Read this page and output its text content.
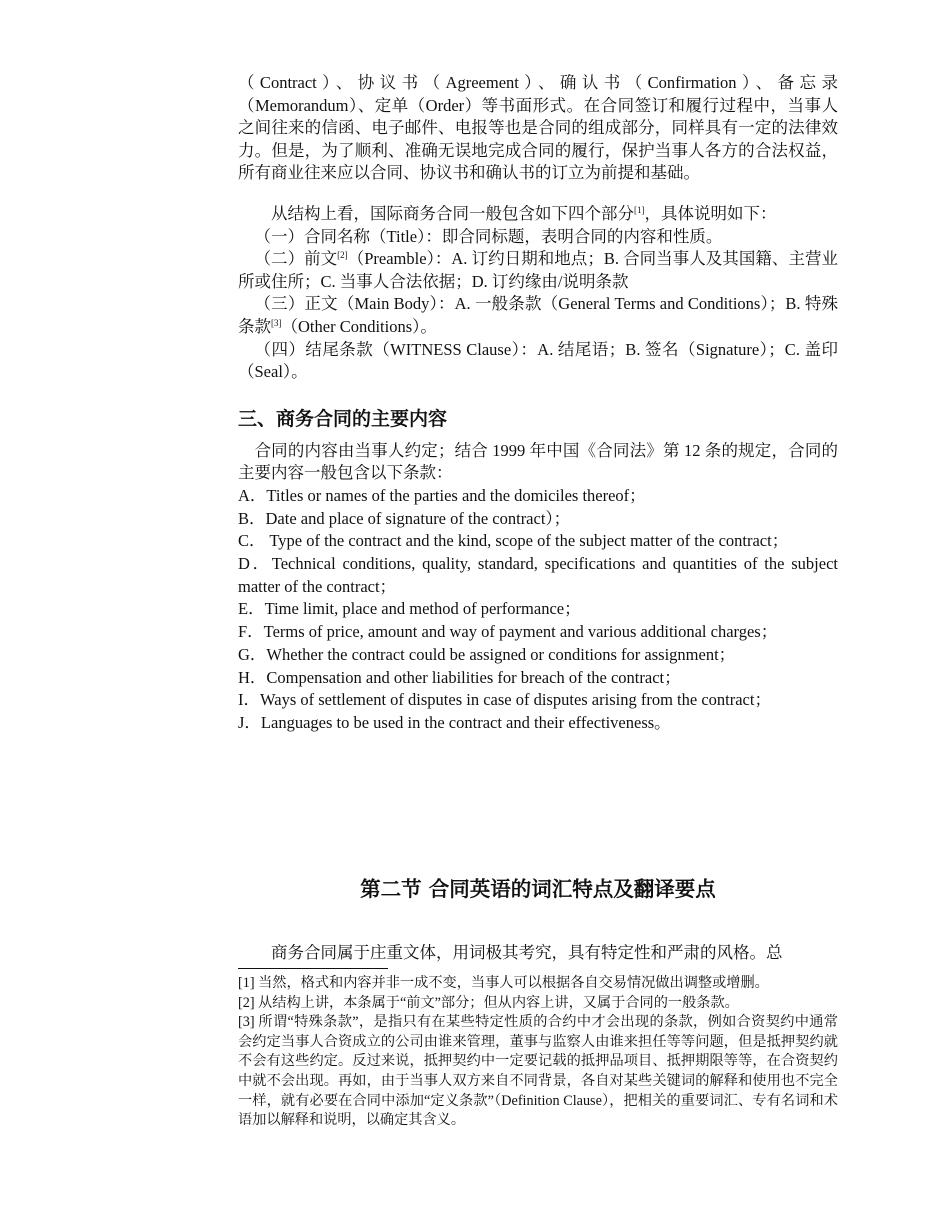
（Contract）、协议书（Agreement）、确认书（Confirmation）、备忘录（Memorandum）、定单（Order）等书面形式。在合同签订和履行过程中，当事人之间往来的信函、电子邮件、电报等也是合同的组成部分，同样具有一定的法律效力。但是，为了顺利、准确无误地完成合同的履行，保护当事人各方的合法权益，所有商业往来应以合同、协议书和确认书的订立为前提和基础。

从结构上看，国际商务合同一般包含如下四个部分[1]，具体说明如下：

（一）合同名称（Title）：即合同标题，表明合同的内容和性质。

（二）前文[2]（Preamble）：A. 订约日期和地点；B. 合同当事人及其国籍、主营业所或住所；C. 当事人合法依据；D. 订约缘由/说明条款

（三）正文（Main Body）：A. 一般条款（General Terms and Conditions）；B. 特殊条款[3]（Other Conditions）。

（四）结尾条款（WITNESS Clause）：A. 结尾语；B. 签名（Signature）；C. 盖印（Seal）。

三、商务合同的主要内容

合同的内容由当事人约定；结合 1999 年中国《合同法》第 12 条的规定，合同的主要内容一般包含以下条款：

A．Titles or names of the parties and the domiciles thereof；

B．Date and place of signature of the contract）；

C． Type of the contract and the kind, scope of the subject matter of the contract；

D．Technical conditions, quality, standard, specifications and quantities of the subject matter of the contract；

E．Time limit, place and method of performance；

F．Terms of price, amount and way of payment and various additional charges；

G．Whether the contract could be assigned or conditions for assignment；

H．Compensation and other liabilities for breach of the contract；

I．Ways of settlement of disputes in case of disputes arising from the contract；

J．Languages to be used in the contract and their effectiveness。

第二节 合同英语的词汇特点及翻译要点

商务合同属于庄重文体，用词极其考究，具有特定性和严肃的风格。总

[1] 当然，格式和内容并非一成不变，当事人可以根据各自交易情况做出调整或增删。

[2] 从结构上讲，本条属于“前文”部分；但从内容上讲，又属于合同的一般条款。

[3] 所谓“特殊条款”，是指只有在某些特定性质的合约中才会出现的条款，例如合资契约中通常会约定当事人合资成立的公司由谁来管理，董事与监察人由谁来担任等等问题，但是抵押契约就不会有这些约定。反过来说，抵押契约中一定要记载的抵押品项目、抵押期限等等，在合资契约中就不会出现。再如，由于当事人双方来自不同背景，各自对某些关键词的解释和使用也不完全一样，就有必要在合同中添加“定义条款”（Definition Clause），把相关的重要词汇、专有名词和术语加以解释和说明，以确定其含义。
